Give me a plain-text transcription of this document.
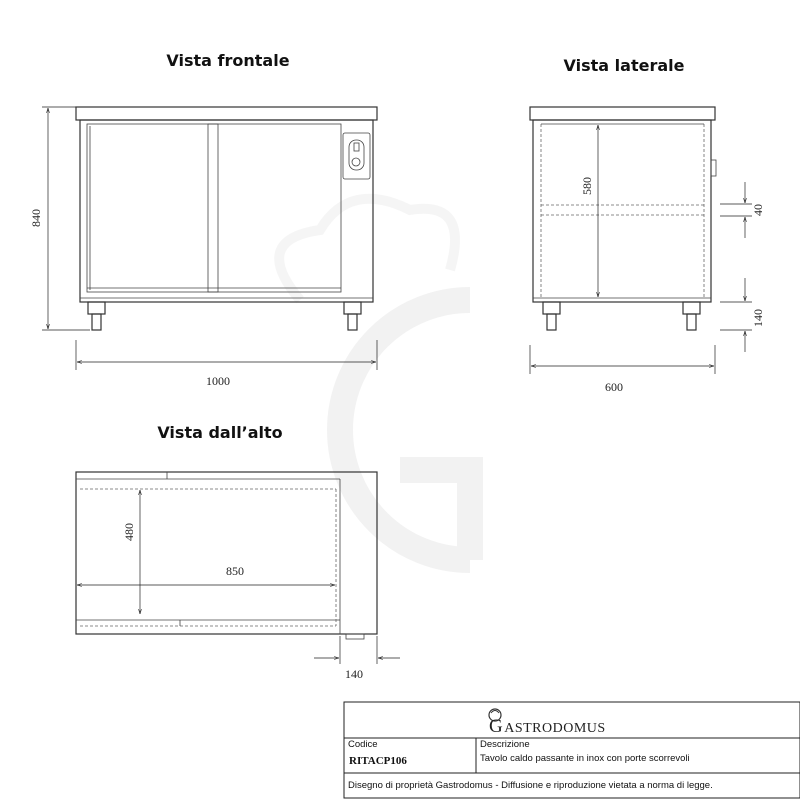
Vista frontale
840
1000
Vista laterale
580
40
140
600
Vista dall’alto
480
850
140
GASTRODOMUS
Codice
RITACP106
Descrizione
Tavolo caldo passante in inox con porte scorrevoli
Disegno di proprietà Gastrodomus - Diffusione e riproduzione vietata a norma di legge.
